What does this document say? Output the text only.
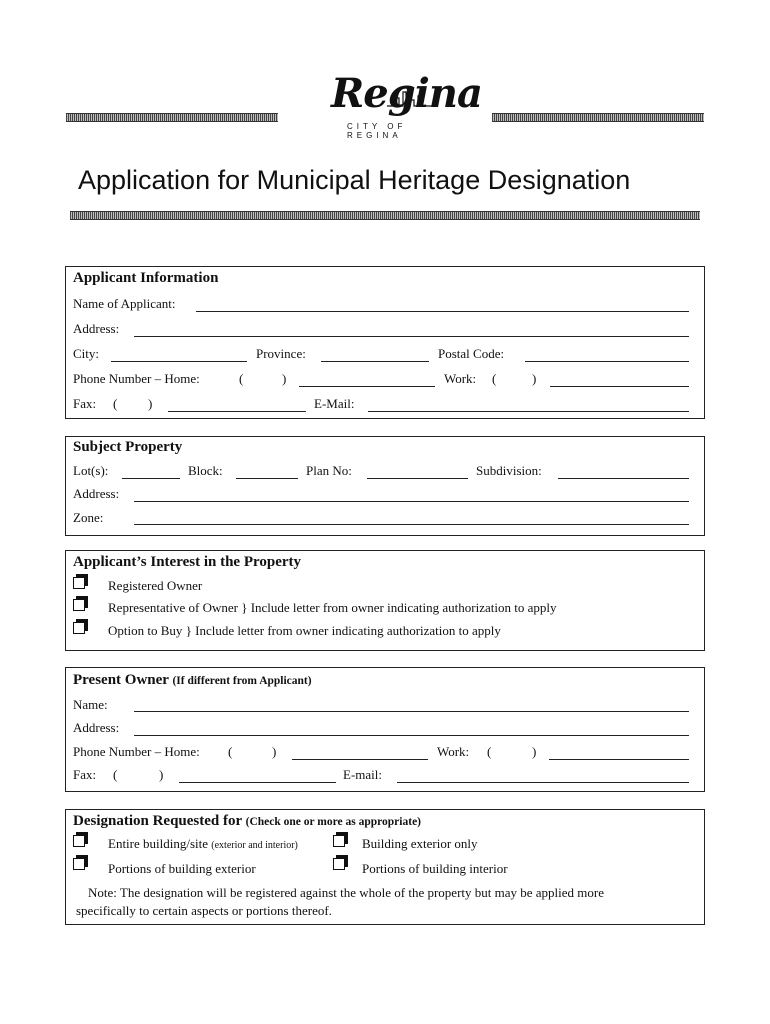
Regina
CITY OF REGINA
Application for Municipal Heritage Designation
Applicant Information
Name of Applicant:
Address:
City:	Province:	Postal Code:
Phone Number – Home:	(	)	Work: (	)
Fax: ( )	E-Mail:
Subject Property
Lot(s):	Block:	Plan No:	Subdivision:
Address:
Zone:
Applicant’s Interest in the Property
Registered Owner
Representative of Owner } Include letter from owner indicating authorization to apply
Option to Buy } Include letter from owner indicating authorization to apply
Present Owner (If different from Applicant)
Name:
Address:
Phone Number – Home: (	)	Work: (	)
Fax: (	)	E-mail:
Designation Requested for (Check one or more as appropriate)
Entire building/site (exterior and interior)	Building exterior only
Portions of building exterior	Portions of building interior
Note: The designation will be registered against the whole of the property but may be applied more
specifically to certain aspects or portions thereof.
